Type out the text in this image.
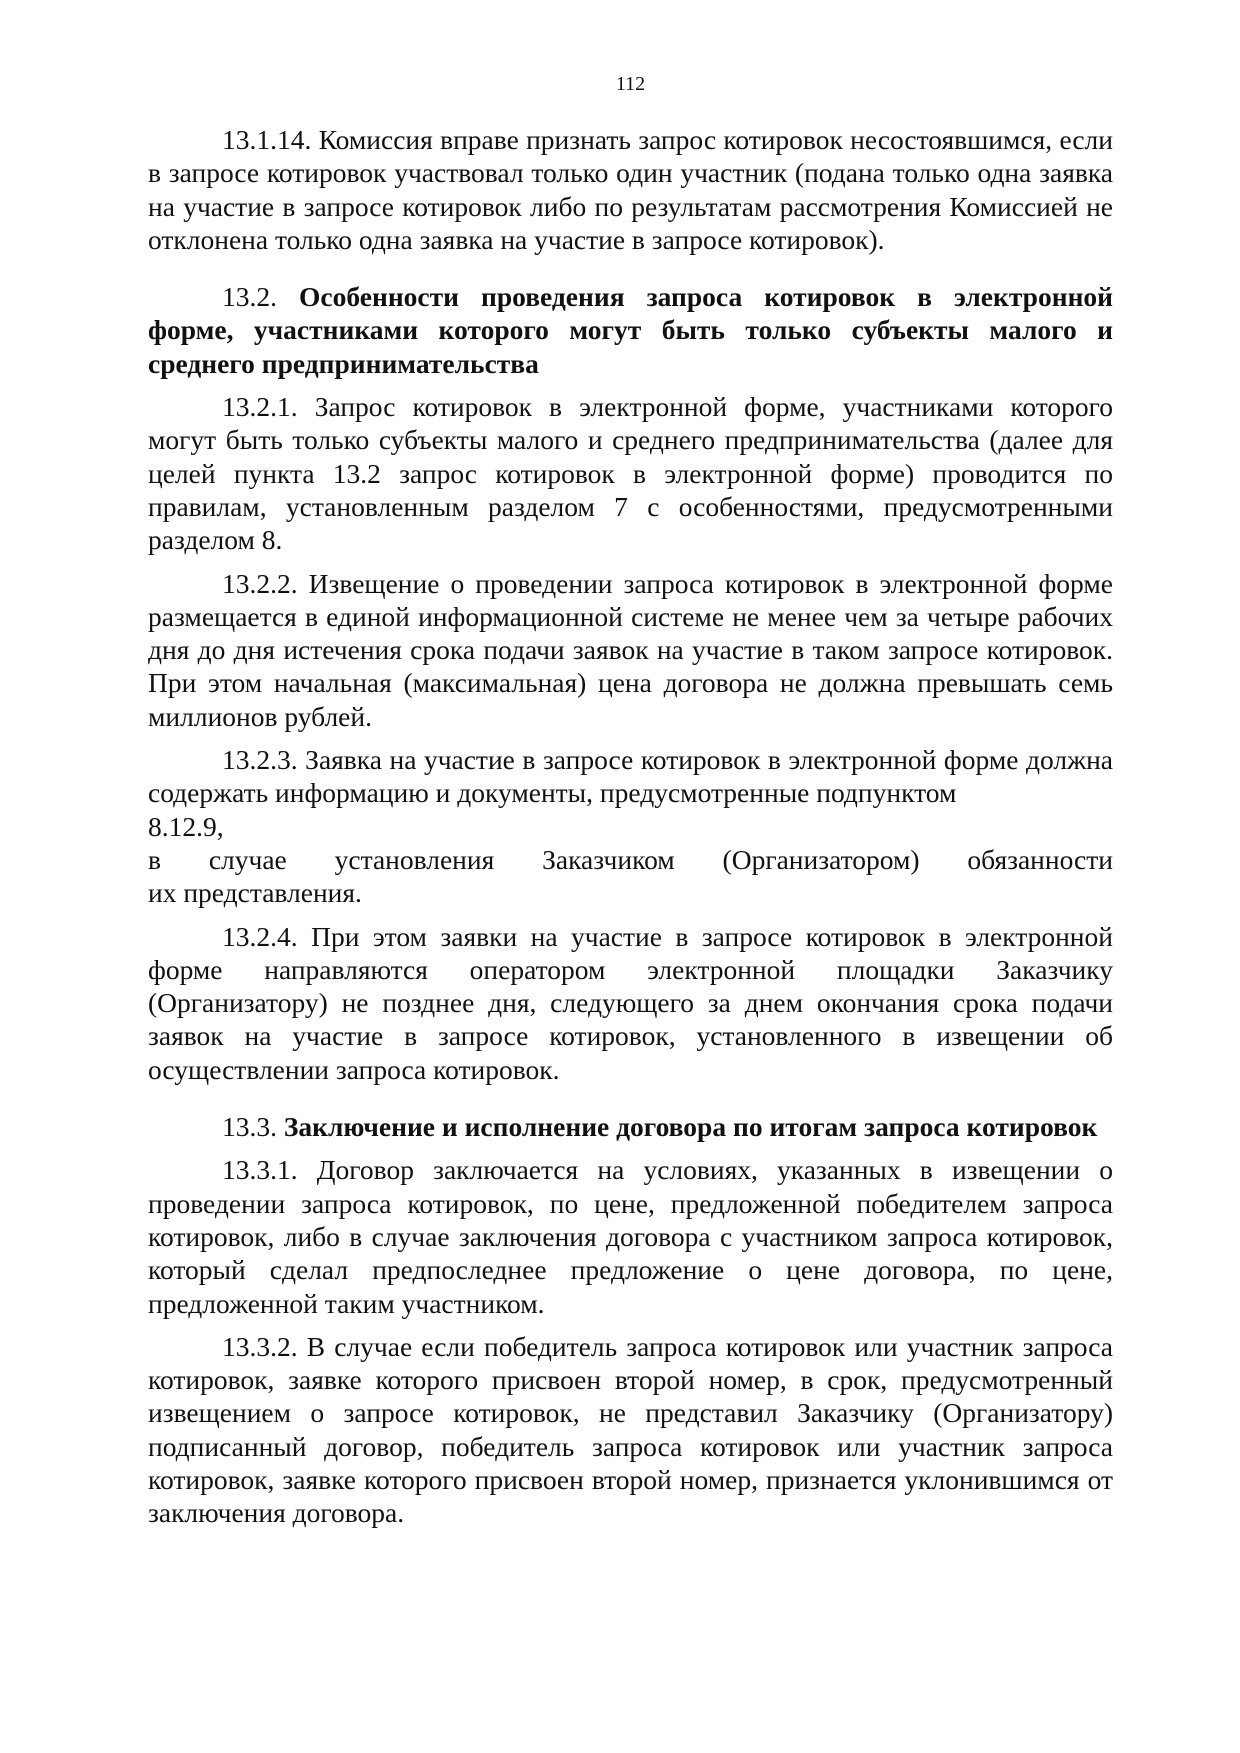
112

13.1.14. Комиссия вправе признать запрос котировок несостоявшимся, если в запросе котировок участвовал только один участник (подана только одна заявка на участие в запросе котировок либо по результатам рассмотрения Комиссией не отклонена только одна заявка на участие в запросе котировок).

13.2. Особенности проведения запроса котировок в электронной форме, участниками которого могут быть только субъекты малого и среднего предпринимательства

13.2.1. Запрос котировок в электронной форме, участниками которого могут быть только субъекты малого и среднего предпринимательства (далее для целей пункта 13.2 запрос котировок в электронной форме) проводится по правилам, установленным разделом 7 с особенностями, предусмотренными разделом 8.

13.2.2. Извещение о проведении запроса котировок в электронной форме размещается в единой информационной системе не менее чем за четыре рабочих дня до дня истечения срока подачи заявок на участие в таком запросе котировок. При этом начальная (максимальная) цена договора не должна превышать семь миллионов рублей.

13.2.3. Заявка на участие в запросе котировок в электронной форме должна содержать информацию и документы, предусмотренные подпунктом

8.12.9,
в случае установления Заказчиком (Организатором) обязанности
их представления.

13.2.4. При этом заявки на участие в запросе котировок в электронной форме направляются оператором электронной площадки Заказчику (Организатору) не позднее дня, следующего за днем окончания срока подачи заявок на участие в запросе котировок, установленного в извещении об осуществлении запроса котировок.

13.3. Заключение и исполнение договора по итогам запроса котировок

13.3.1. Договор заключается на условиях, указанных в извещении о проведении запроса котировок, по цене, предложенной победителем запроса котировок, либо в случае заключения договора с участником запроса котировок, который сделал предпоследнее предложение о цене договора, по цене, предложенной таким участником.

13.3.2. В случае если победитель запроса котировок или участник запроса котировок, заявке которого присвоен второй номер, в срок, предусмотренный извещением о запросе котировок, не представил Заказчику (Организатору) подписанный договор, победитель запроса котировок или участник запроса котировок, заявке которого присвоен второй номер, признается уклонившимся от заключения договора.
